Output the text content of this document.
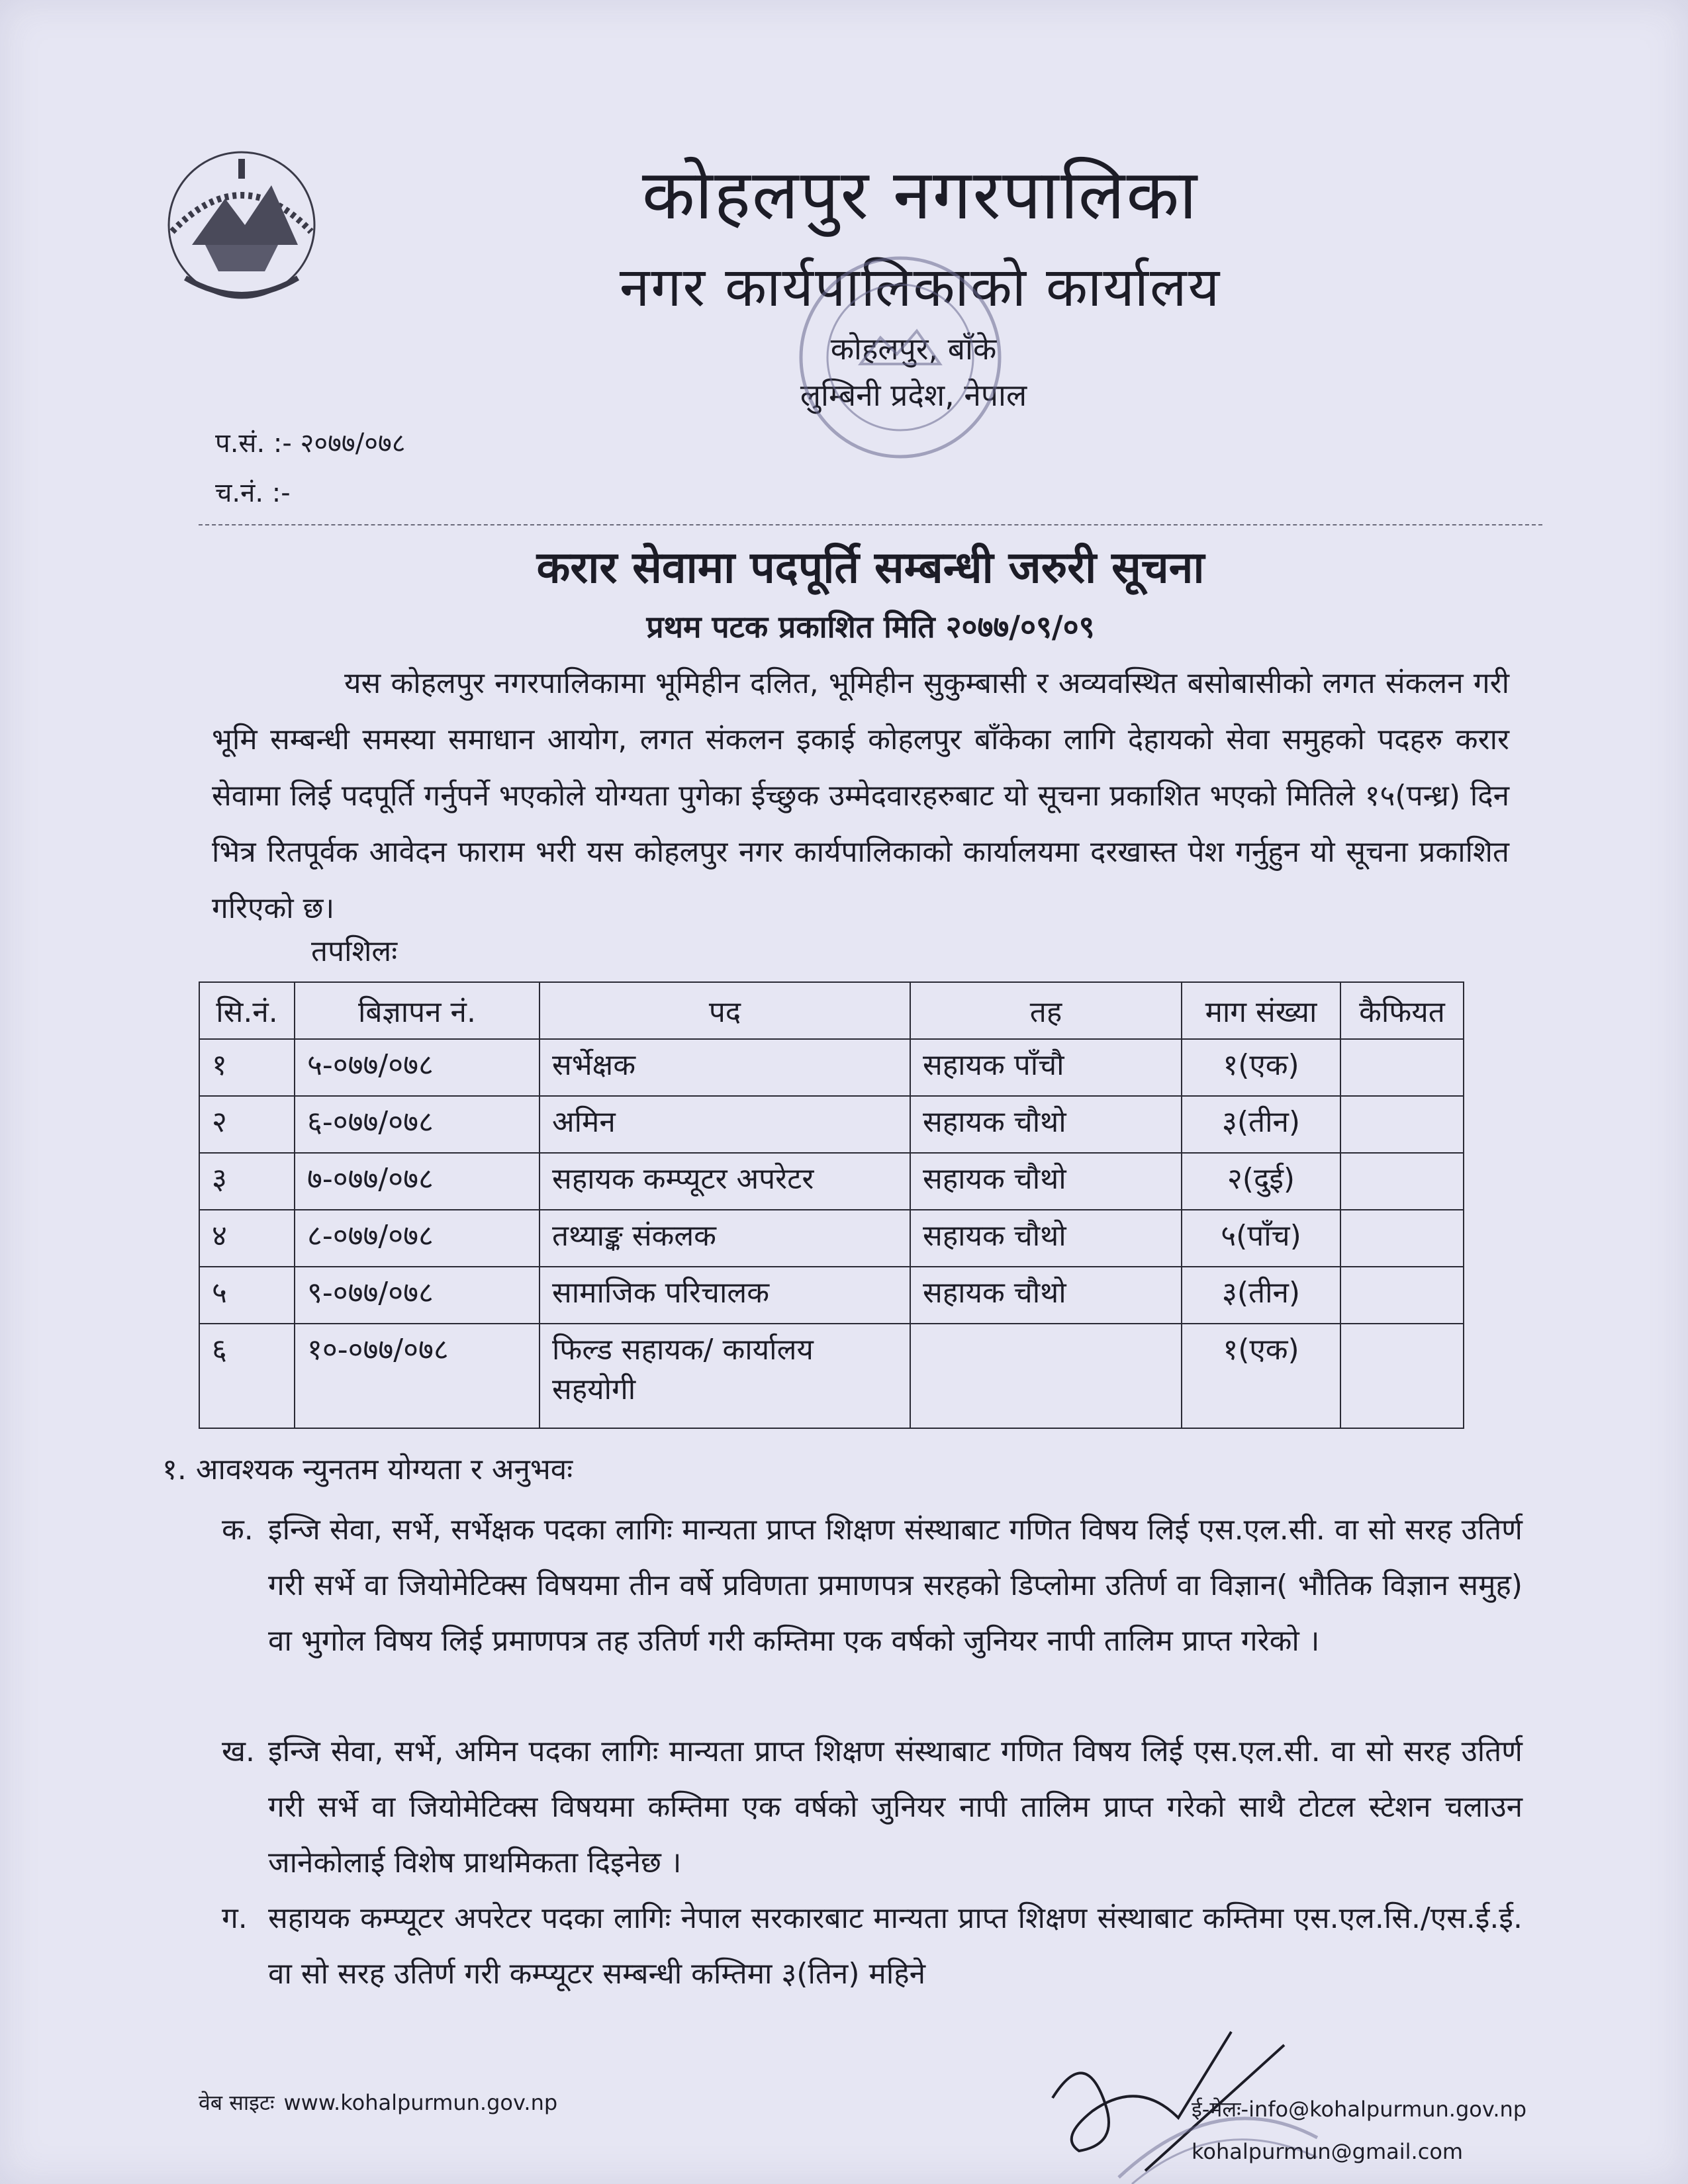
कोहलपुर नगरपालिका
नगर कार्यपालिकाको कार्यालय
कोहलपुर, बाँके
लुम्बिनी प्रदेश, नेपाल
प.सं. :- २०७७/०७८
च.नं. :-
करार सेवामा पदपूर्ति सम्बन्धी जरुरी सूचना
प्रथम पटक प्रकाशित मिति २०७७/०९/०९

यस कोहलपुर नगरपालिकामा भूमिहीन दलित, भूमिहीन सुकुम्बासी र अव्यवस्थित बसोबासीको लगत संकलन गरी भूमि सम्बन्धी समस्या समाधान आयोग, लगत संकलन इकाई कोहलपुर बाँकेका लागि देहायको सेवा समुहको पदहरु करार सेवामा लिई पदपूर्ति गर्नुपर्ने भएकोले योग्यता पुगेका ईच्छुक उम्मेदवारहरुबाट यो सूचना प्रकाशित भएको मितिले १५(पन्ध्र) दिन भित्र रितपूर्वक आवेदन फाराम भरी यस कोहलपुर नगर कार्यपालिकाको कार्यालयमा दरखास्त पेश गर्नुहुन यो सूचना प्रकाशित गरिएको छ।

तपशिलः
सि.नं.	बिज्ञापन नं.	पद	तह	माग संख्या	कैफियत
१	५-०७७/०७८	सर्भेक्षक	सहायक पाँचौ	१(एक)	
२	६-०७७/०७८	अमिन	सहायक चौथो	३(तीन)	
३	७-०७७/०७८	सहायक कम्प्यूटर अपरेटर	सहायक चौथो	२(दुई)	
४	८-०७७/०७८	तथ्याङ्क संकलक	सहायक चौथो	५(पाँच)	
५	९-०७७/०७८	सामाजिक परिचालक	सहायक चौथो	३(तीन)	
६	१०-०७७/०७८	फिल्ड सहायक/ कार्यालय सहयोगी		१(एक)	
१. आवश्यक न्युनतम योग्यता र अनुभवः
क. इन्जि सेवा, सर्भे, सर्भेक्षक पदका लागिः मान्यता प्राप्त शिक्षण संस्थाबाट गणित विषय लिई एस.एल.सी. वा सो सरह उतिर्ण गरी सर्भे वा जियोमेटिक्स विषयमा तीन वर्षे प्रविणता प्रमाणपत्र सरहको डिप्लोमा उतिर्ण वा विज्ञान( भौतिक विज्ञान समुह) वा भुगोल विषय लिई प्रमाणपत्र तह उतिर्ण गरी कम्तिमा एक वर्षको जुनियर नापी तालिम प्राप्त गरेको ।

ख. इन्जि सेवा, सर्भे, अमिन पदका लागिः मान्यता प्राप्त शिक्षण संस्थाबाट गणित विषय लिई एस.एल.सी. वा सो सरह उतिर्ण गरी सर्भे वा जियोमेटिक्स विषयमा कम्तिमा एक वर्षको जुनियर नापी तालिम प्राप्त गरेको साथै टोटल स्टेशन चलाउन जानेकोलाई विशेष प्राथमिकता दिइनेछ ।

ग. सहायक कम्प्यूटर अपरेटर पदका लागिः नेपाल सरकारबाट मान्यता प्राप्त शिक्षण संस्थाबाट कम्तिमा एस.एल.सि./एस.ई.ई. वा सो सरह उतिर्ण गरी कम्प्यूटर सम्बन्धी कम्तिमा ३(तिन) महिने

वेब साइटः www.kohalpurmun.gov.np	ई-मेलः-info@kohalpurmun.gov.np
kohalpurmun@gmail.com
